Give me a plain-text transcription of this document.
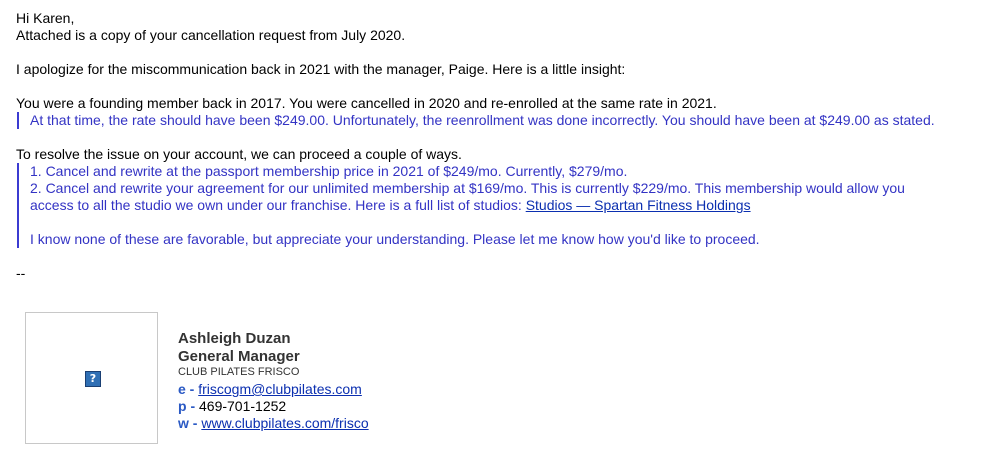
Hi Karen,
Attached is a copy of your cancellation request from July 2020.
I apologize for the miscommunication back in 2021 with the manager, Paige. Here is a little insight:
You were a founding member back in 2017. You were cancelled in 2020 and re-enrolled at the same rate in 2021.
At that time, the rate should have been $249.00. Unfortunately, the reenrollment was done incorrectly. You should have been at $249.00 as stated.
To resolve the issue on your account, we can proceed a couple of ways.
1. Cancel and rewrite at the passport membership price in 2021 of $249/mo. Currently, $279/mo.
2. Cancel and rewrite your agreement for our unlimited membership at $169/mo. This is currently $229/mo. This membership would allow you
access to all the studio we own under our franchise. Here is a full list of studios: Studios — Spartan Fitness Holdings
I know none of these are favorable, but appreciate your understanding. Please let me know how you'd like to proceed.
--
?
Ashleigh Duzan
General Manager
CLUB PILATES FRISCO
e - friscogm@clubpilates.com
p - 469-701-1252
w - www.clubpilates.com/frisco
